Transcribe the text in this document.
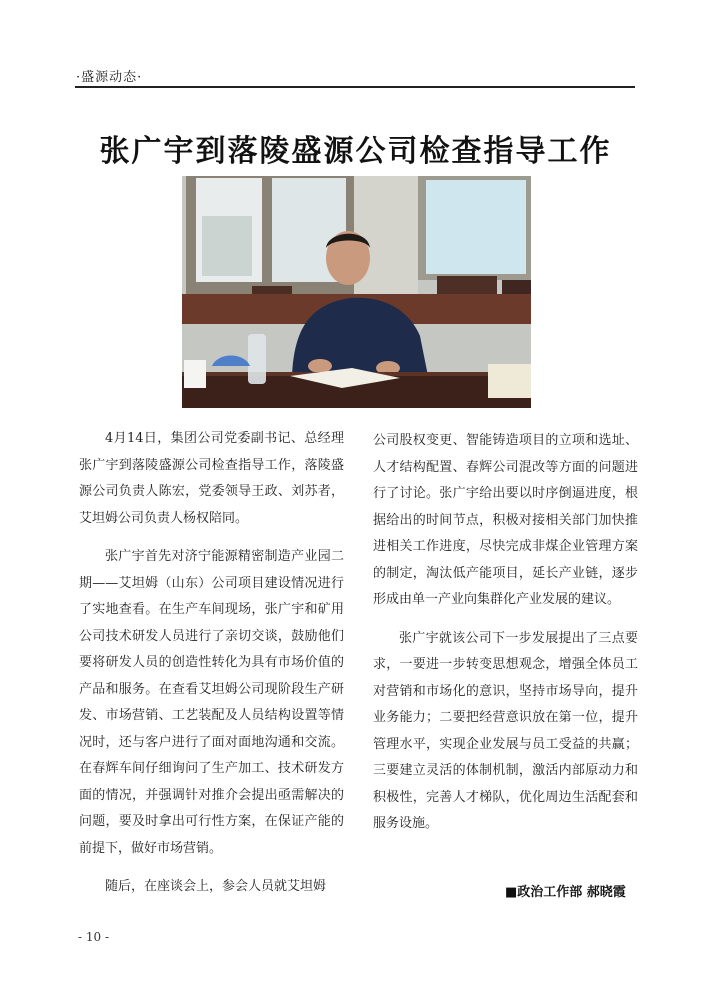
·盛源动态·
张广宇到落陵盛源公司检查指导工作

4月14日，集团公司党委副书记、总经理张广宇到落陵盛源公司检查指导工作，落陵盛源公司负责人陈宏，党委领导王政、刘苏者，艾坦姆公司负责人杨权陪同。

张广宇首先对济宁能源精密制造产业园二期——艾坦姆（山东）公司项目建设情况进行了实地查看。在生产车间现场，张广宇和矿用公司技术研发人员进行了亲切交谈，鼓励他们要将研发人员的创造性转化为具有市场价值的产品和服务。在查看艾坦姆公司现阶段生产研发、市场营销、工艺装配及人员结构设置等情况时，还与客户进行了面对面地沟通和交流。在春辉车间仔细询问了生产加工、技术研发方面的情况，并强调针对推介会提出亟需解决的问题，要及时拿出可行性方案，在保证产能的前提下，做好市场营销。

随后，在座谈会上，参会人员就艾坦姆

公司股权变更、智能铸造项目的立项和选址、人才结构配置、春辉公司混改等方面的问题进行了讨论。张广宇给出要以时序倒逼进度，根据给出的时间节点，积极对接相关部门加快推进相关工作进度，尽快完成非煤企业管理方案的制定，淘汰低产能项目，延长产业链，逐步形成由单一产业向集群化产业发展的建议。

张广宇就该公司下一步发展提出了三点要求，一要进一步转变思想观念，增强全体员工对营销和市场化的意识，坚持市场导向，提升业务能力；二要把经营意识放在第一位，提升管理水平，实现企业发展与员工受益的共赢；三要建立灵活的体制机制，激活内部原动力和积极性，完善人才梯队，优化周边生活配套和服务设施。

■政治工作部 郝晓霞
- 10 -
